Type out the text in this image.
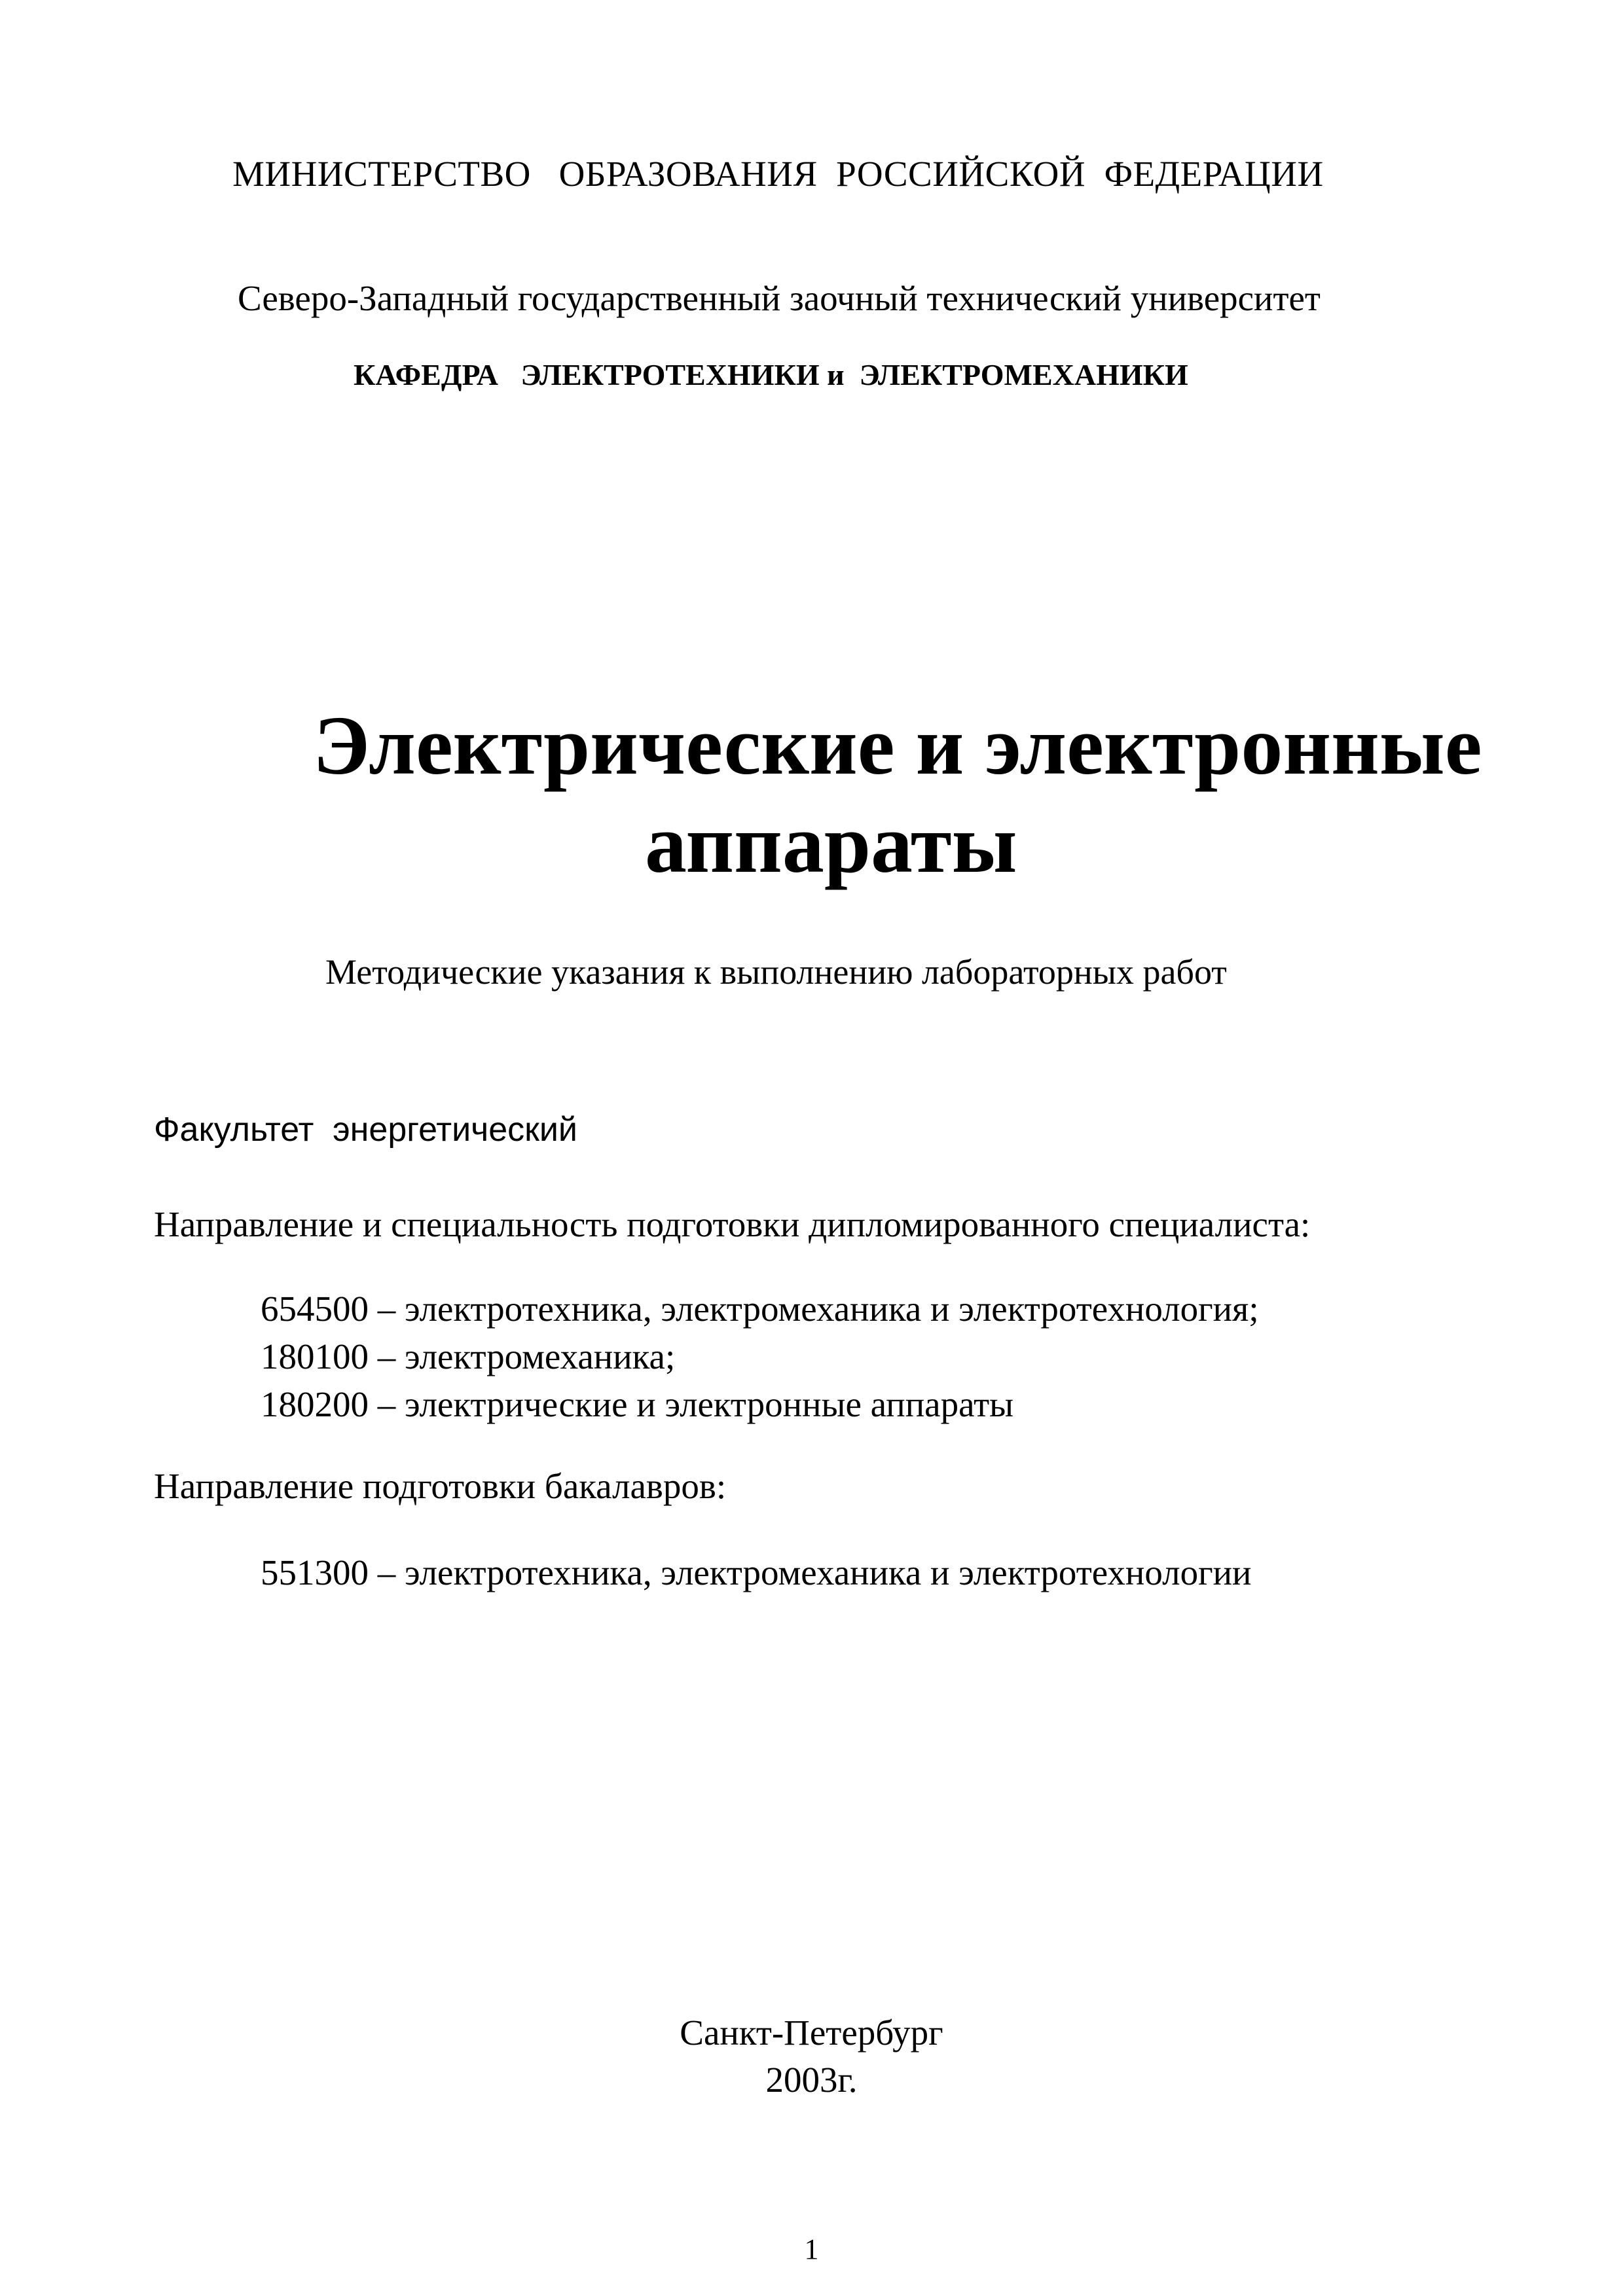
МИНИСТЕРСТВО   ОБРАЗОВАНИЯ  РОССИЙСКОЙ  ФЕДЕРАЦИИ
Северо-Западный государственный заочный технический университет
КАФЕДРА   ЭЛЕКТРОТЕХНИКИ и  ЭЛЕКТРОМЕХАНИКИ
Электрические и электронные
аппараты
Методические указания к выполнению лабораторных работ
Факультет  энергетический
Направление и специальность подготовки дипломированного специалиста:
654500 – электротехника, электромеханика и электротехнология;
180100 – электромеханика;
180200 – электрические и электронные аппараты
Направление подготовки бакалавров:
551300 – электротехника, электромеханика и электротехнологии
Санкт-Петербург
2003г.
1
